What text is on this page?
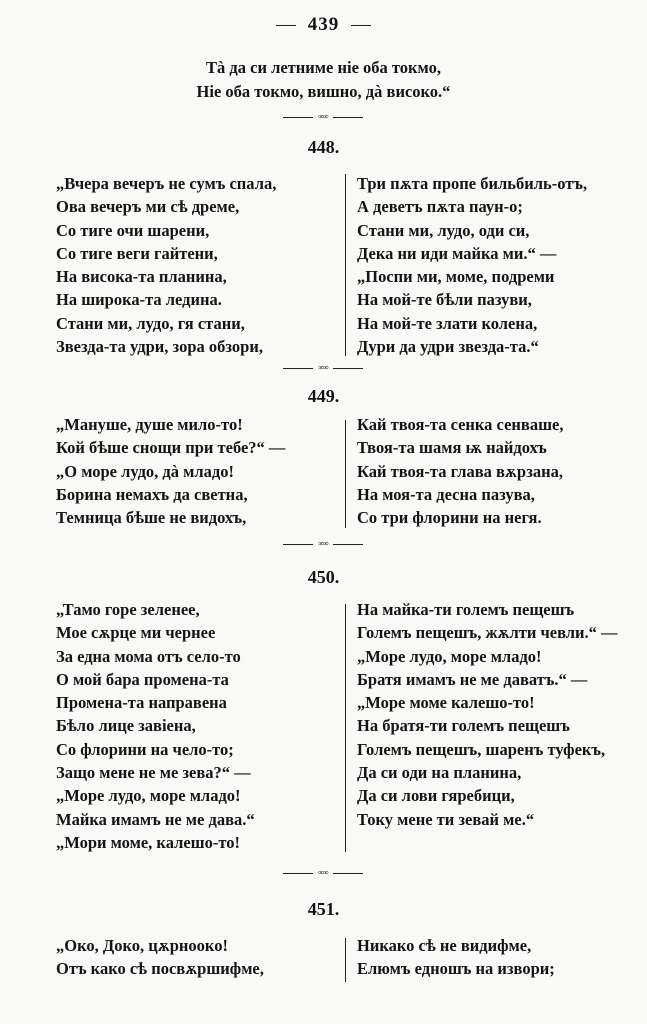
439
Тà да си летниме ніе оба токмо,
Ніе оба токмо, вишно, дà високо.“
∞∞
448.
„Вчера вечеръ не сумъ спала,
Ова вечеръ ми сѣ дреме,
Со тиге очи шарени,
Со тиге веги гайтени,
На висока-та планина,
На широка-та ледина.
Стани ми, лудо, гя стани,
Звезда-та удри, зора обзори,
Три пѫта пропе бильбиль-отъ,
А деветъ пѫта паун-о;
Стани ми, лудо, оди си,
Дека ни иди майка ми.“ —
„Поспи ми, моме, подреми
На мой-те бѣли пазуви,
На мой-те злати колена,
Дури да удри звезда-та.“
∞∞
449.
„Мануше, душе мило-то!
Кой бѣше снощи при тебе?“ —
„О море лудо, дà младо!
Борина немахъ да светна,
Темница бѣше не видохъ,
Кай твоя-та сенка сенваше,
Твоя-та шамя ѭ найдохъ
Кай твоя-та глава вѫрзана,
На моя-та десна пазува,
Со три флорини на негя.
∞∞
450.
„Тамо горе зеленее,
Мое сѫрце ми чернее
За една мома отъ село-то
О мой бара промена-та
Промена-та направена
Бѣло лице завіена,
Со флорини на чело-то;
Защо мене не ме зева?“ —
„Море лудо, море младо!
Майка имамъ не ме дава.“
„Мори моме, калешо-то!
На майка-ти големъ пещешъ
Големъ пещешъ, жѫлти чевли.“ —
„Море лудо, море младо!
Братя имамъ не ме даватъ.“ —
„Море моме калешо-то!
На братя-ти големъ пещешъ
Големъ пещешъ, шаренъ туфекъ,
Да си оди на планина,
Да си лови гяребици,
Току мене ти зевай ме.“
∞∞
451.
„Око, Доко, цѫрнооко!
Отъ како сѣ посвѫршифме,
Никако сѣ не видифме,
Елюмъ едношъ на извори;
